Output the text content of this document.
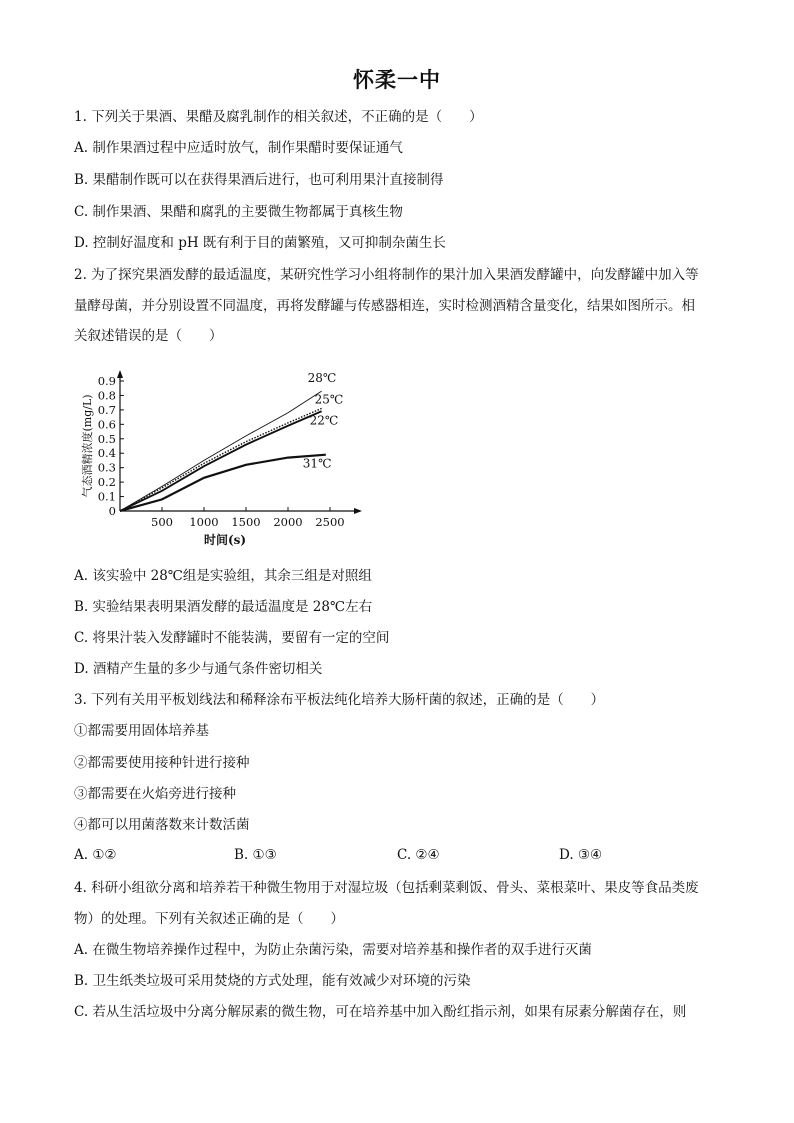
怀柔一中
1. 下列关于果酒、果醋及腐乳制作的相关叙述，不正确的是（　　）
A. 制作果酒过程中应适时放气，制作果醋时要保证通气
B. 果醋制作既可以在获得果酒后进行，也可利用果汁直接制得
C. 制作果酒、果醋和腐乳的主要微生物都属于真核生物
D. 控制好温度和 pH 既有利于目的菌繁殖，又可抑制杂菌生长
2. 为了探究果酒发酵的最适温度，某研究性学习小组将制作的果汁加入果酒发酵罐中，向发酵罐中加入等
量酵母菌，并分别设置不同温度，再将发酵罐与传感器相连，实时检测酒精含量变化，结果如图所示。相
关叙述错误的是（　　）
0
0.1
0.2
0.3
0.4
0.5
0.6
0.7
0.8
0.9
500 1000 1500 2000 2500
时间(s)
气态酒精浓度(mg/L)
28℃
25℃
22℃
31℃
A. 该实验中 28℃组是实验组，其余三组是对照组
B. 实验结果表明果酒发酵的最适温度是 28℃左右
C. 将果汁装入发酵罐时不能装满，要留有一定的空间
D. 酒精产生量的多少与通气条件密切相关
3. 下列有关用平板划线法和稀释涂布平板法纯化培养大肠杆菌的叙述，正确的是（　　）
①都需要用固体培养基
②都需要使用接种针进行接种
③都需要在火焰旁进行接种
④都可以用菌落数来计数活菌
A. ①②	B. ①③	C. ②④	D. ③④
4. 科研小组欲分离和培养若干种微生物用于对湿垃圾（包括剩菜剩饭、骨头、菜根菜叶、果皮等食品类废
物）的处理。下列有关叙述正确的是（　　）
A. 在微生物培养操作过程中，为防止杂菌污染，需要对培养基和操作者的双手进行灭菌
B. 卫生纸类垃圾可采用焚烧的方式处理，能有效减少对环境的污染
C. 若从生活垃圾中分离分解尿素的微生物，可在培养基中加入酚红指示剂，如果有尿素分解菌存在，则
